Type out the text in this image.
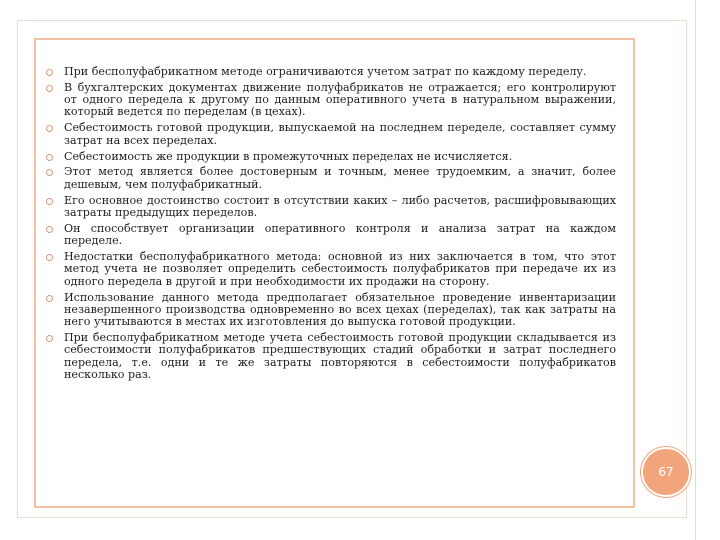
При бесполуфабрикатном методе ограничиваются учетом затрат по каждому переделу.
В бухгалтерских документах движение полуфабрикатов не отражается; его контролируют от одного передела к другому по данным оперативного учета в натуральном выражении, который ведется по переделам (в цехах).
Себестоимость готовой продукции, выпускаемой на последнем переделе, составляет сумму затрат на всех переделах.
Себестоимость же продукции в промежуточных переделах не исчисляется.
Этот метод является более достоверным и точным, менее трудоемким, а значит, более дешевым, чем полуфабрикатный.
Его основное достоинство состоит в отсутствии каких – либо расчетов, расшифровывающих затраты предыдущих переделов.
Он способствует организации оперативного контроля и анализа затрат на каждом переделе.
Недостатки бесполуфабрикатного метода: основной из них заключается в том, что этот метод учета не позволяет определить себестоимость полуфабрикатов при передаче их из одного передела в другой и при необходимости их продажи на сторону.
Использование данного метода предполагает обязательное проведение инвентаризации незавершенного производства одновременно во всех цехах (переделах), так как затраты на него учитываются в местах их изготовления до выпуска готовой продукции.
При бесполуфабрикатном методе учета себестоимость готовой продукции складывается из себестоимости полуфабрикатов предшествующих стадий обработки и затрат последнего передела, т.е. одни и те же затраты повторяются в себестоимости полуфабрикатов несколько раз.
67
